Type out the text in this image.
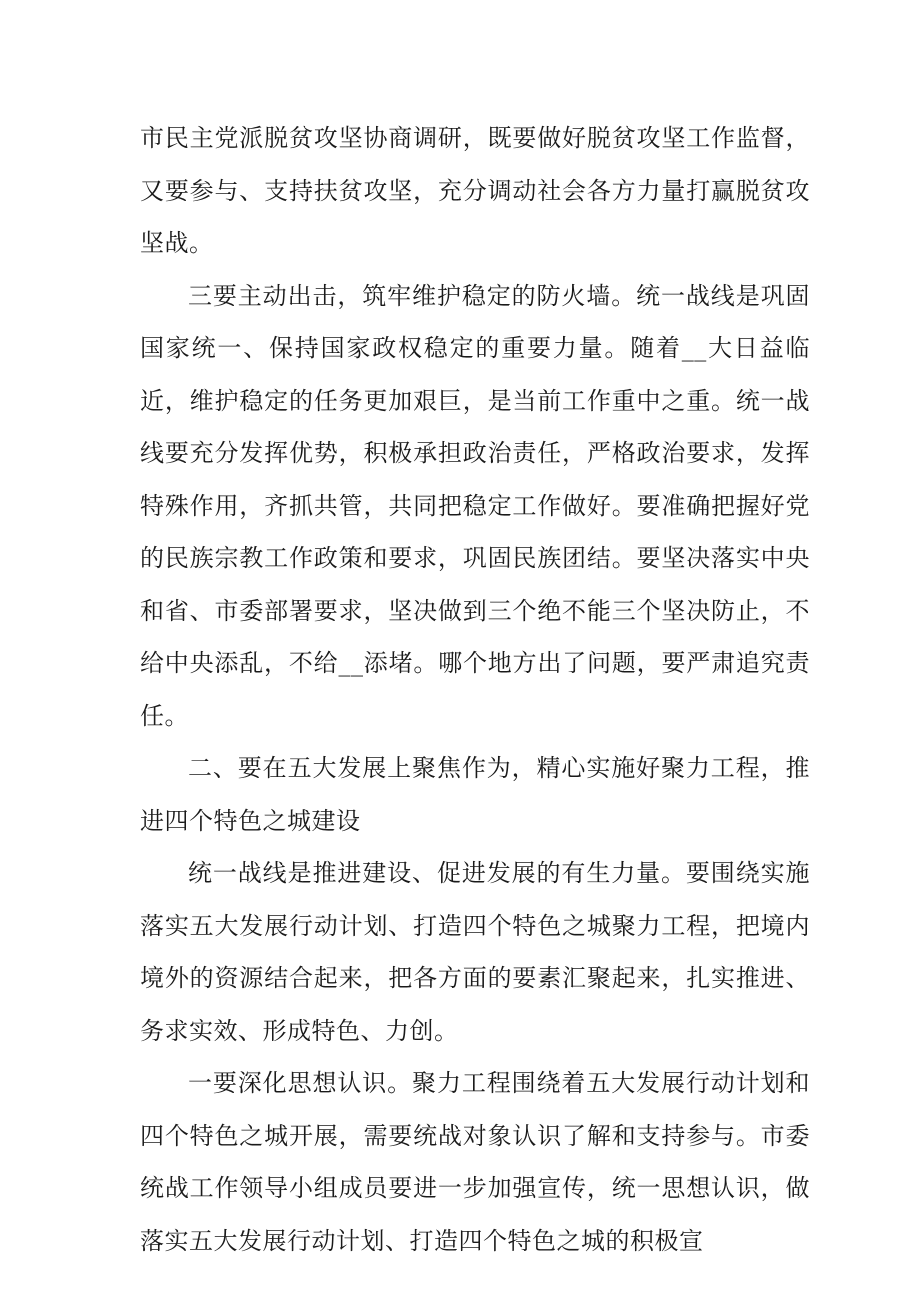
市民主党派脱贫攻坚协商调研，既要做好脱贫攻坚工作监督，又要参与、支持扶贫攻坚，充分调动社会各方力量打赢脱贫攻坚战。

三要主动出击，筑牢维护稳定的防火墙。统一战线是巩固国家统一、保持国家政权稳定的重要力量。随着__大日益临近，维护稳定的任务更加艰巨，是当前工作重中之重。统一战线要充分发挥优势，积极承担政治责任，严格政治要求，发挥特殊作用，齐抓共管，共同把稳定工作做好。要准确把握好党的民族宗教工作政策和要求，巩固民族团结。要坚决落实中央和省、市委部署要求，坚决做到三个绝不能三个坚决防止，不给中央添乱，不给__添堵。哪个地方出了问题，要严肃追究责任。

二、要在五大发展上聚焦作为，精心实施好聚力工程，推进四个特色之城建设

统一战线是推进建设、促进发展的有生力量。要围绕实施落实五大发展行动计划、打造四个特色之城聚力工程，把境内境外的资源结合起来，把各方面的要素汇聚起来，扎实推进、务求实效、形成特色、力创。

一要深化思想认识。聚力工程围绕着五大发展行动计划和四个特色之城开展，需要统战对象认识了解和支持参与。市委统战工作领导小组成员要进一步加强宣传，统一思想认识，做落实五大发展行动计划、打造四个特色之城的积极宣
